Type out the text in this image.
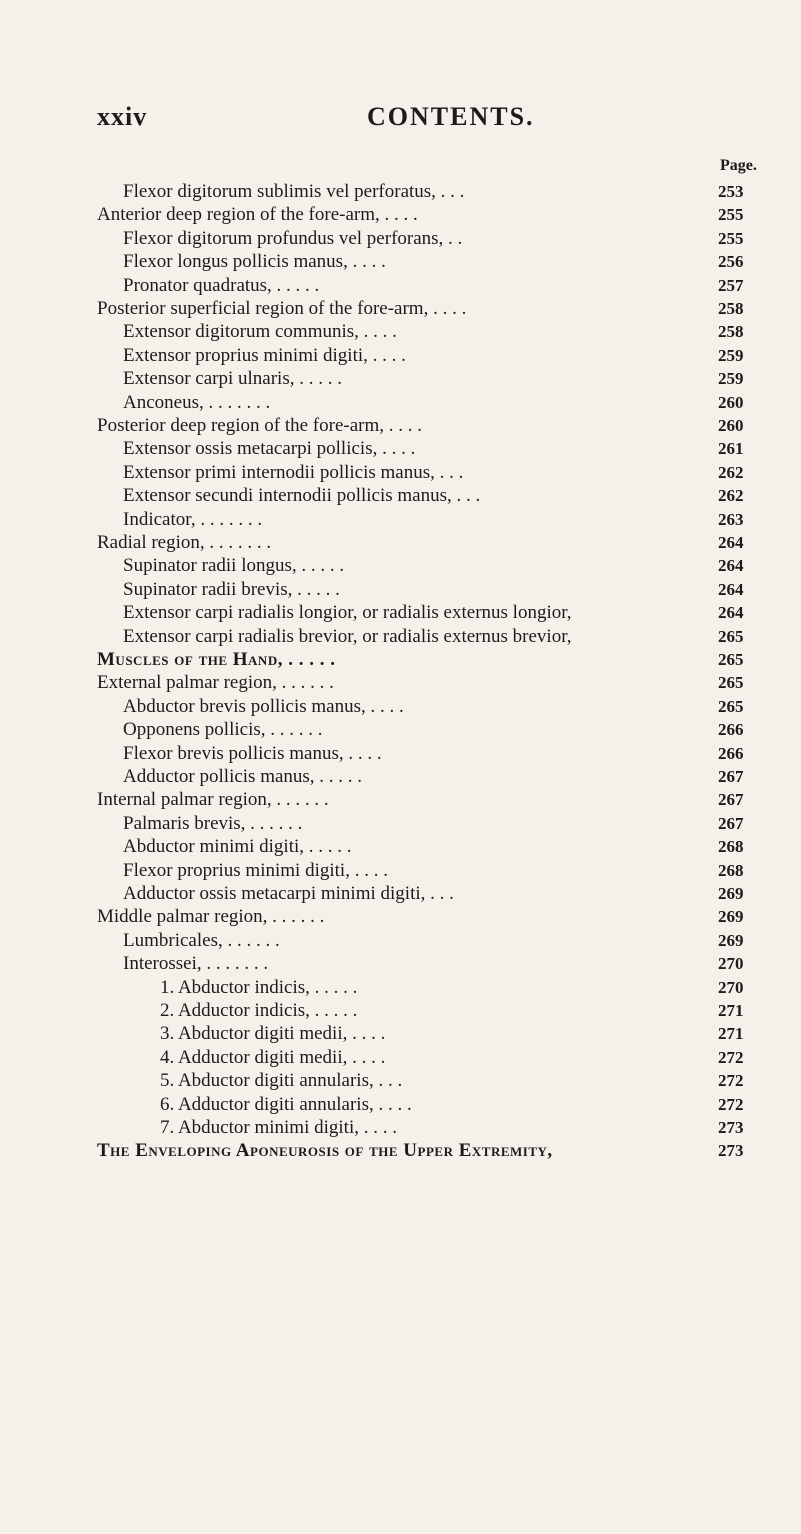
xxiv	CONTENTS.
Page.
Flexor digitorum sublimis vel perforatus, . . .	253
Anterior deep region of the fore-arm, . . . .	255
Flexor digitorum profundus vel perforans, . .	255
Flexor longus pollicis manus, . . . .	256
Pronator quadratus, . . . . .	257
Posterior superficial region of the fore-arm, . . . .	258
Extensor digitorum communis, . . . .	258
Extensor proprius minimi digiti, . . . .	259
Extensor carpi ulnaris, . . . . .	259
Anconeus, . . . . . . .	260
Posterior deep region of the fore-arm, . . . .	260
Extensor ossis metacarpi pollicis, . . . .	261
Extensor primi internodii pollicis manus, . . .	262
Extensor secundi internodii pollicis manus, . . .	262
Indicator, . . . . . . .	263
Radial region, . . . . . . .	264
Supinator radii longus, . . . . .	264
Supinator radii brevis, . . . . .	264
Extensor carpi radialis longior, or radialis externus longior,	264
Extensor carpi radialis brevior, or radialis externus brevior,	265
Muscles of the Hand, . . . . .	265
External palmar region, . . . . . .	265
Abductor brevis pollicis manus, . . . .	265
Opponens pollicis, . . . . . .	266
Flexor brevis pollicis manus, . . . .	266
Adductor pollicis manus, . . . . .	267
Internal palmar region, . . . . . .	267
Palmaris brevis, . . . . . .	267
Abductor minimi digiti, . . . . .	268
Flexor proprius minimi digiti, . . . .	268
Adductor ossis metacarpi minimi digiti, . . .	269
Middle palmar region, . . . . . .	269
Lumbricales, . . . . . .	269
Interossei, . . . . . . .	270
1. Abductor indicis, . . . . .	270
2. Adductor indicis, . . . . .	271
3. Abductor digiti medii, . . . .	271
4. Adductor digiti medii, . . . .	272
5. Abductor digiti annularis, . . .	272
6. Adductor digiti annularis, . . . .	272
7. Abductor minimi digiti, . . . .	273
The Enveloping Aponeurosis of the Upper Extremity,	273
